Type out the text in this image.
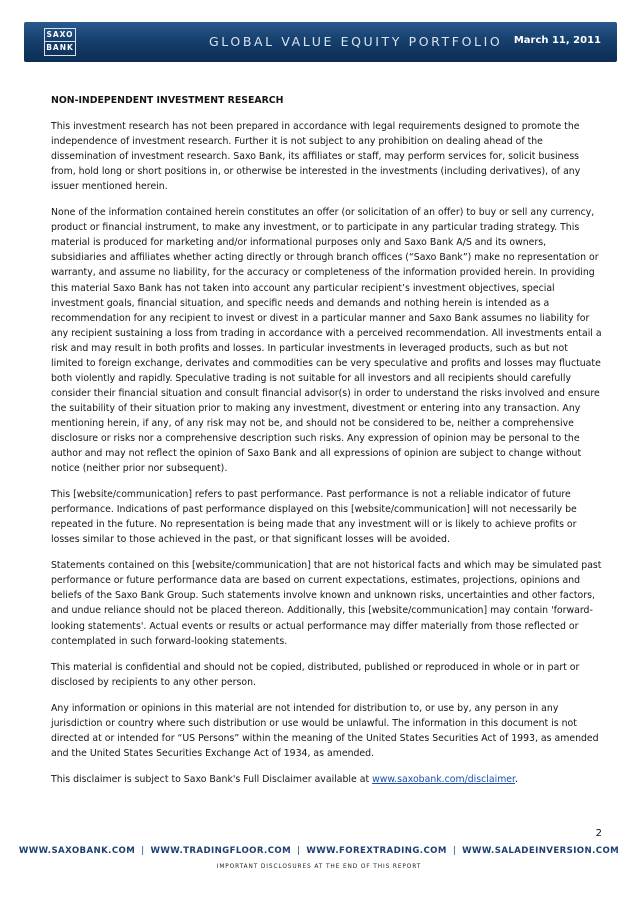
SAXO
BANK	GLOBAL VALUE EQUITY PORTFOLIO March 11, 2011

NON-INDEPENDENT INVESTMENT RESEARCH

This investment research has not been prepared in accordance with legal requirements designed to promote the independence of investment research. Further it is not subject to any prohibition on dealing ahead of the dissemination of investment research. Saxo Bank, its affiliates or staff, may perform services for, solicit business from, hold long or short positions in, or otherwise be interested in the investments (including derivatives), of any issuer mentioned herein.

None of the information contained herein constitutes an offer (or solicitation of an offer) to buy or sell any currency, product or financial instrument, to make any investment, or to participate in any particular trading strategy. This material is produced for marketing and/or informational purposes only and Saxo Bank A/S and its owners, subsidiaries and affiliates whether acting directly or through branch offices (“Saxo Bank”) make no representation or warranty, and assume no liability, for the accuracy or completeness of the information provided herein. In providing this material Saxo Bank has not taken into account any particular recipient’s investment objectives, special investment goals, financial situation, and specific needs and demands and nothing herein is intended as a recommendation for any recipient to invest or divest in a particular manner and Saxo Bank assumes no liability for any recipient sustaining a loss from trading in accordance with a perceived recommendation. All investments entail a risk and may result in both profits and losses. In particular investments in leveraged products, such as but not limited to foreign exchange, derivates and commodities can be very speculative and profits and losses may fluctuate both violently and rapidly. Speculative trading is not suitable for all investors and all recipients should carefully consider their financial situation and consult financial advisor(s) in order to understand the risks involved and ensure the suitability of their situation prior to making any investment, divestment or entering into any transaction. Any mentioning herein, if any, of any risk may not be, and should not be considered to be, neither a comprehensive disclosure or risks nor a comprehensive description such risks. Any expression of opinion may be personal to the author and may not reflect the opinion of Saxo Bank and all expressions of opinion are subject to change without notice (neither prior nor subsequent).

This [website/communication] refers to past performance. Past performance is not a reliable indicator of future performance. Indications of past performance displayed on this [website/communication] will not necessarily be repeated in the future. No representation is being made that any investment will or is likely to achieve profits or losses similar to those achieved in the past, or that significant losses will be avoided.

Statements contained on this [website/communication] that are not historical facts and which may be simulated past performance or future performance data are based on current expectations, estimates, projections, opinions and beliefs of the Saxo Bank Group. Such statements involve known and unknown risks, uncertainties and other factors, and undue reliance should not be placed thereon. Additionally, this [website/communication] may contain 'forward-looking statements'. Actual events or results or actual performance may differ materially from those reflected or contemplated in such forward-looking statements.

This material is confidential and should not be copied, distributed, published or reproduced in whole or in part or disclosed by recipients to any other person.

Any information or opinions in this material are not intended for distribution to, or use by, any person in any jurisdiction or country where such distribution or use would be unlawful. The information in this document is not directed at or intended for “US Persons” within the meaning of the United States Securities Act of 1993, as amended and the United States Securities Exchange Act of 1934, as amended.

This disclaimer is subject to Saxo Bank's Full Disclaimer available at www.saxobank.com/disclaimer.

2
WWW.SAXOBANK.COM | WWW.TRADINGFLOOR.COM | WWW.FOREXTRADING.COM | WWW.SALADEINVERSION.COM
IMPORTANT DISCLOSURES AT THE END OF THIS REPORT
